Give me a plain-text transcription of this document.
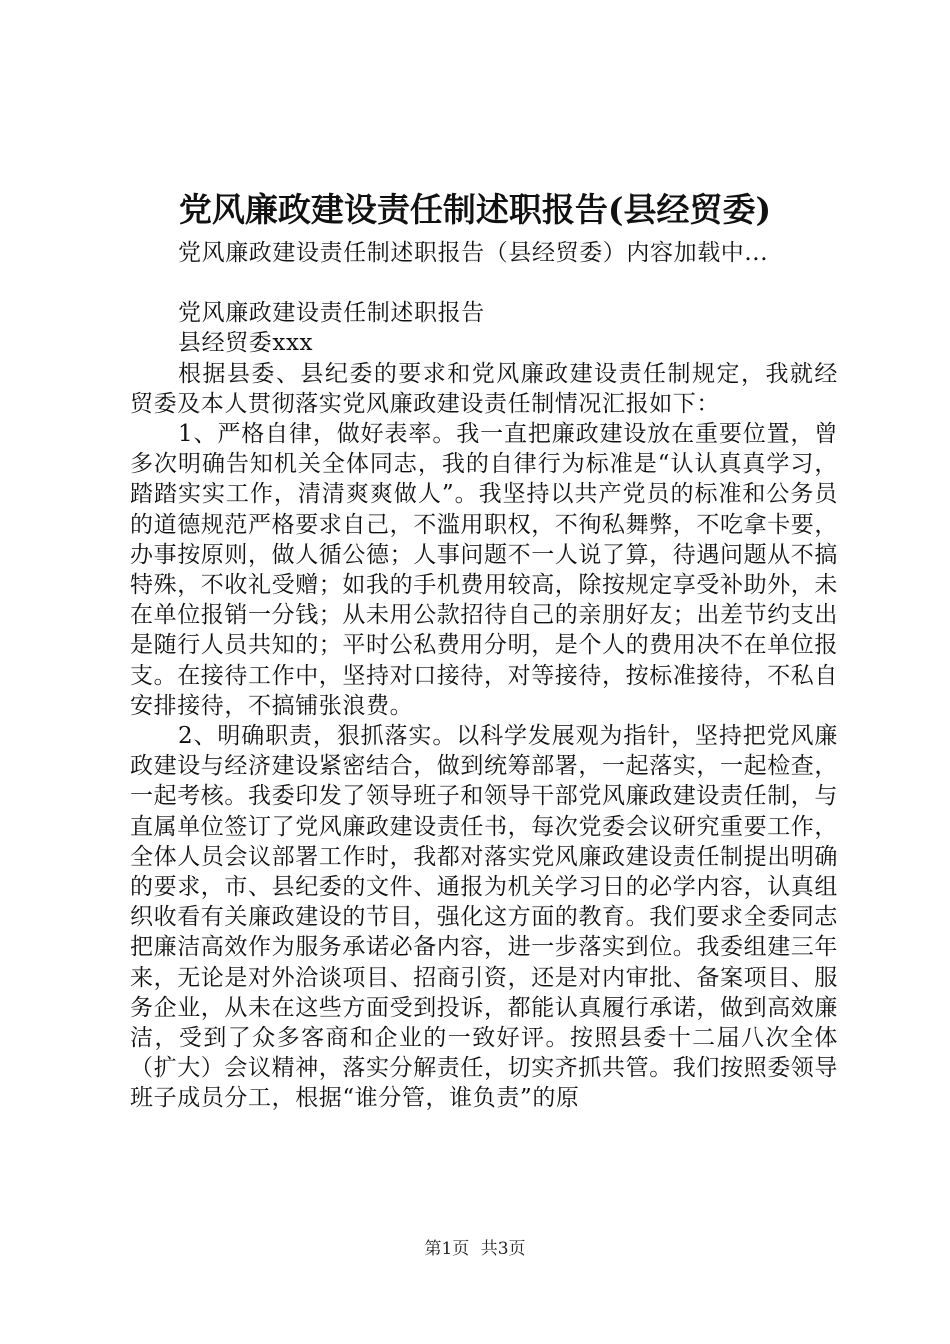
党风廉政建设责任制述职报告(县经贸委)

党风廉政建设责任制述职报告（县经贸委）内容加载中...

党风廉政建设责任制述职报告

县经贸委xxx

根据县委、县纪委的要求和党风廉政建设责任制规定，我就经贸委及本人贯彻落实党风廉政建设责任制情况汇报如下：

1、严格自律，做好表率。我一直把廉政建设放在重要位置，曾多次明确告知机关全体同志，我的自律行为标准是“认认真真学习，踏踏实实工作，清清爽爽做人”。我坚持以共产党员的标准和公务员的道德规范严格要求自己，不滥用职权，不徇私舞弊，不吃拿卡要，办事按原则，做人循公德；人事问题不一人说了算，待遇问题从不搞特殊，不收礼受赠；如我的手机费用较高，除按规定享受补助外，未在单位报销一分钱；从未用公款招待自己的亲朋好友；出差节约支出是随行人员共知的；平时公私费用分明，是个人的费用决不在单位报支。在接待工作中，坚持对口接待，对等接待，按标准接待，不私自安排接待，不搞铺张浪费。

2、明确职责，狠抓落实。以科学发展观为指针，坚持把党风廉政建设与经济建设紧密结合，做到统筹部署，一起落实，一起检查，一起考核。我委印发了领导班子和领导干部党风廉政建设责任制，与直属单位签订了党风廉政建设责任书，每次党委会议研究重要工作，全体人员会议部署工作时，我都对落实党风廉政建设责任制提出明确的要求，市、县纪委的文件、通报为机关学习日的必学内容，认真组织收看有关廉政建设的节目，强化这方面的教育。我们要求全委同志把廉洁高效作为服务承诺必备内容，进一步落实到位。我委组建三年来，无论是对外洽谈项目、招商引资，还是对内审批、备案项目、服务企业，从未在这些方面受到投诉，都能认真履行承诺，做到高效廉洁，受到了众多客商和企业的一致好评。按照县委十二届八次全体（扩大）会议精神，落实分解责任，切实齐抓共管。我们按照委领导班子成员分工，根据“谁分管，谁负责”的原

第1页 共3页
